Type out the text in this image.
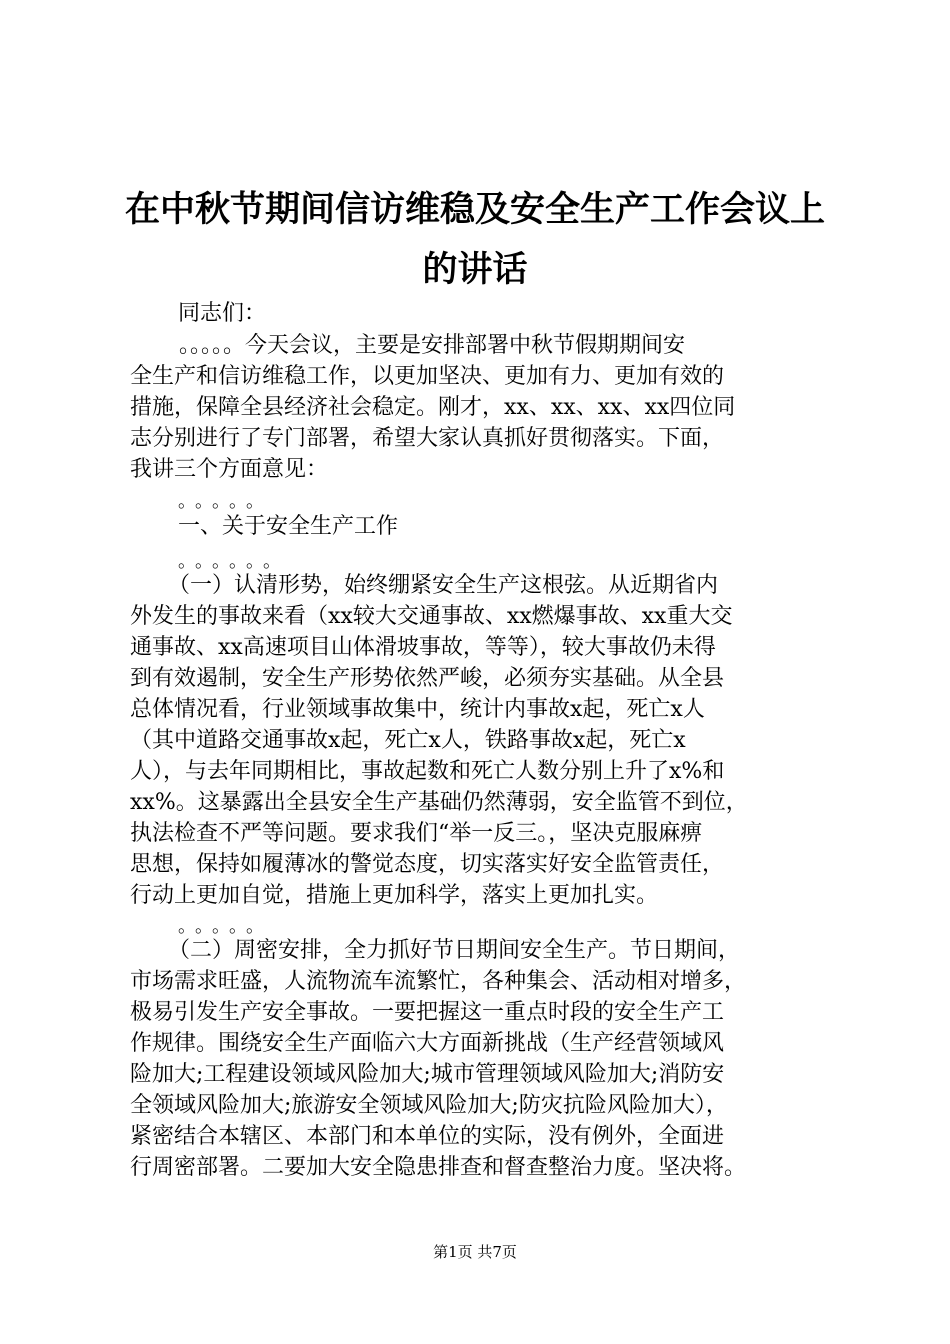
在中秋节期间信访维稳及安全生产工作会议上
的讲话
同志们：
　。。。。。今天会议，主要是安排部署中秋节假期期间安
全生产和信访维稳工作，以更加坚决、更加有力、更加有效的
措施，保障全县经济社会稳定。刚才，xx、xx、xx、xx四位同
志分别进行了专门部署，希望大家认真抓好贯彻落实。下面，
我讲三个方面意见：
。。。。。
一、关于安全生产工作
。。。。。。
　（一）认清形势，始终绷紧安全生产这根弦。从近期省内
外发生的事故来看（xx较大交通事故、xx燃爆事故、xx重大交
通事故、xx高速项目山体滑坡事故，等等），较大事故仍未得
到有效遏制，安全生产形势依然严峻，必须夯实基础。从全县
总体情况看，行业领域事故集中，统计内事故x起，死亡x人
（其中道路交通事故x起，死亡x人，铁路事故x起，死亡x
人），与去年同期相比，事故起数和死亡人数分别上升了x%和
xx%。这暴露出全县安全生产基础仍然薄弱，安全监管不到位，
执法检查不严等问题。要求我们“举一反三。，坚决克服麻痹
思想，保持如履薄冰的警觉态度，切实落实好安全监管责任，
行动上更加自觉，措施上更加科学，落实上更加扎实。
。。。。。
　（二）周密安排，全力抓好节日期间安全生产。节日期间，
市场需求旺盛，人流物流车流繁忙，各种集会、活动相对增多，
极易引发生产安全事故。一要把握这一重点时段的安全生产工
作规律。围绕安全生产面临六大方面新挑战（生产经营领域风
险加大;工程建设领域风险加大;城市管理领域风险加大;消防安
全领域风险加大;旅游安全领域风险加大;防灾抗险风险加大），
紧密结合本辖区、本部门和本单位的实际，没有例外，全面进
行周密部署。二要加大安全隐患排查和督查整治力度。坚决将。
第1页 共7页
